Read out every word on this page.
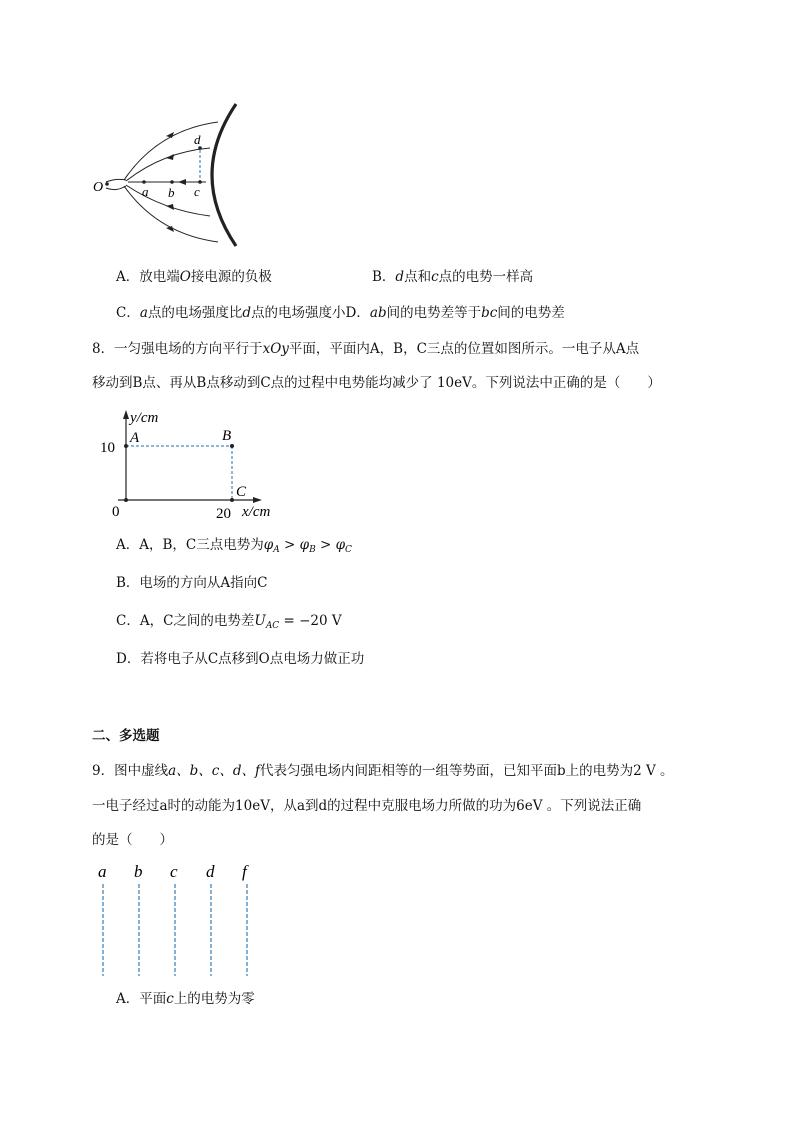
O	a b c
d
A．放电端O接电源的负极	B．d点和c点的电势一样高
C．a点的电场强度比d点的电场强度小D．ab间的电势差等于bc间的电势差
8．一匀强电场的方向平行于xOy平面，平面内A，B，C三点的位置如图所示。一电子从A点
移动到B点、再从B点移动到C点的过程中电势能均减少了 10eV。下列说法中正确的是（　　）
y/cm
x/cm
10
20
0
A	B
C
A．A，B，C三点电势为$\varphi_A > \varphi_B > \varphi_C$
B．电场的方向从A指向C
C．A，C之间的电势差$U_{AC} = -20$ V
D．若将电子从C点移到O点电场力做正功
二、多选题
9．图中虚线a、b、c、d、f代表匀强电场内间距相等的一组等势面，已知平面b上的电势为2 V 。
一电子经过a时的动能为10eV，从a到d的过程中克服电场力所做的功为6eV 。下列说法正确
的是（　　）
a b c d f
A．平面c上的电势为零
